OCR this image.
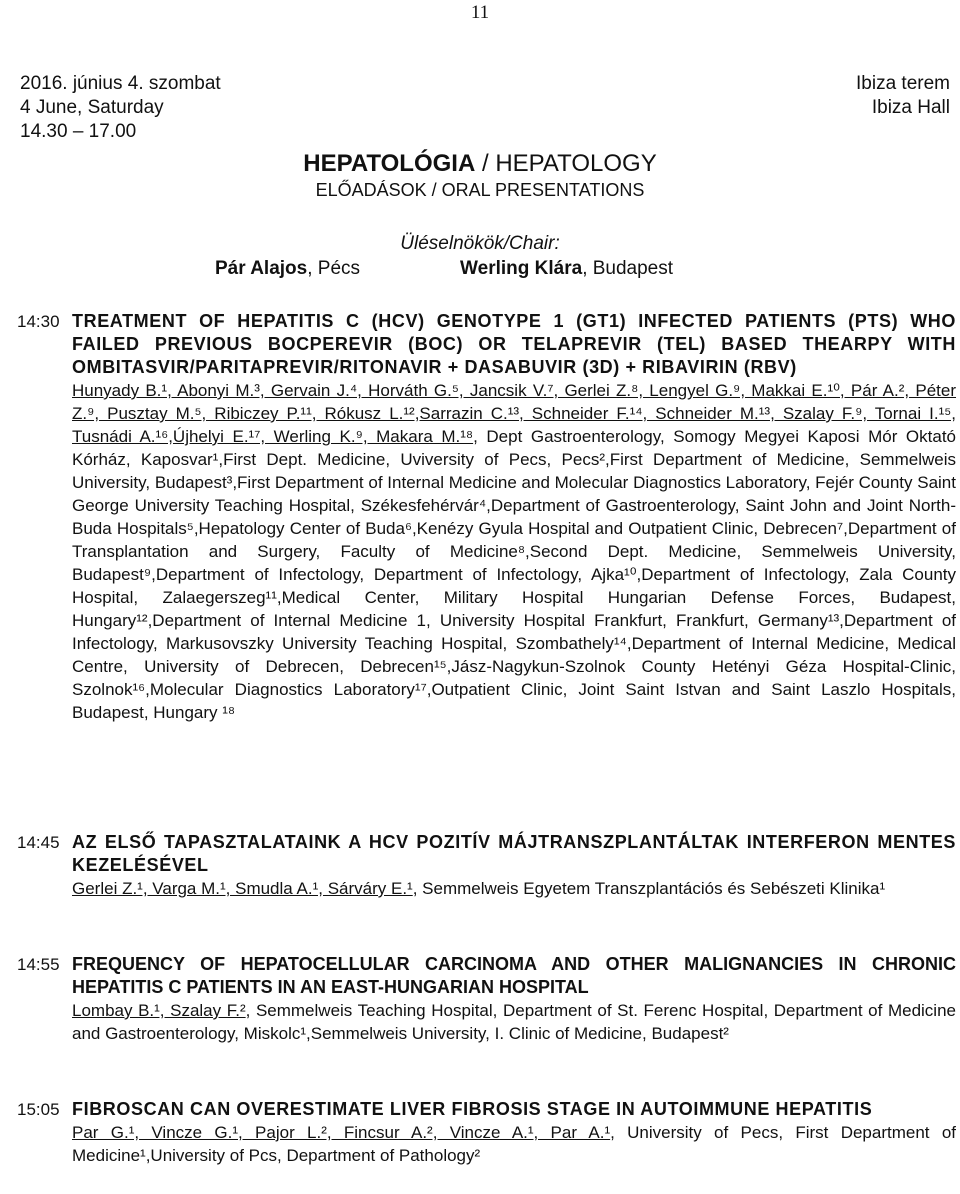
11
2016. június 4. szombat	Ibiza terem
4 June, Saturday	Ibiza Hall
14.30 – 17.00
HEPATOLÓGIA / HEPATOLOGY
ELŐADÁSOK / ORAL PRESENTATIONS
Üléselnökök/Chair:
Pár Alajos, Pécs	Werling Klára, Budapest
14:30 TREATMENT OF HEPATITIS C (HCV) GENOTYPE 1 (GT1) INFECTED PATIENTS (PTS) WHO FAILED PREVIOUS BOCPEREVIR (BOC) OR TELAPREVIR (TEL) BASED THEARPY WITH OMBITASVIR/PARITAPREVIR/RITONAVIR + DASABUVIR (3D) + RIBAVIRIN (RBV)
Hunyady B.¹, Abonyi M.³, Gervain J.⁴, Horváth G.⁵, Jancsik V.⁷, Gerlei Z.⁸, Lengyel G.⁹, Makkai E.¹⁰, Pár A.², Péter Z.⁹, Pusztay M.⁵, Ribiczey P.¹¹, Rókusz L.¹²,Sarrazin C.¹³, Schneider F.¹⁴, Schneider M.¹³, Szalay F.⁹, Tornai I.¹⁵, Tusnádi A.¹⁶,Újhelyi E.¹⁷, Werling K.⁹, Makara M.¹⁸, Dept Gastroenterology, Somogy Megyei Kaposi Mór Oktató Kórház, Kaposvar¹,First Dept. Medicine, Uviversity of Pecs, Pecs²,First Department of Medicine, Semmelweis University, Budapest³,First Department of Internal Medicine and Molecular Diagnostics Laboratory, Fejér County Saint George University Teaching Hospital, Székesfehérvár⁴,Department of Gastroenterology, Saint John and Joint North-Buda Hospitals⁵,Hepatology Center of Buda⁶,Kenézy Gyula Hospital and Outpatient Clinic, Debrecen⁷,Department of Transplantation and Surgery, Faculty of Medicine⁸,Second Dept. Medicine, Semmelweis University, Budapest⁹,Department of Infectology, Department of Infectology, Ajka¹⁰,Department of Infectology, Zala County Hospital, Zalaegerszeg¹¹,Medical Center, Military Hospital Hungarian Defense Forces, Budapest, Hungary¹²,Department of Internal Medicine 1, University Hospital Frankfurt, Frankfurt, Germany¹³,Department of Infectology, Markusovszky University Teaching Hospital, Szombathely¹⁴,Department of Internal Medicine, Medical Centre, University of Debrecen, Debrecen¹⁵,Jász-Nagykun-Szolnok County Hetényi Géza Hospital-Clinic, Szolnok¹⁶,Molecular Diagnostics Laboratory¹⁷,Outpatient Clinic, Joint Saint Istvan and Saint Laszlo Hospitals, Budapest, Hungary ¹⁸
14:45 AZ ELSŐ TAPASZTALATAINK A HCV POZITÍV MÁJTRANSZPLANTÁLTAK INTERFERON MENTES KEZELÉSÉVEL
Gerlei Z.¹, Varga M.¹, Smudla A.¹, Sárváry E.¹, Semmelweis Egyetem Transzplantációs és Sebészeti Klinika¹
14:55 FREQUENCY OF HEPATOCELLULAR CARCINOMA AND OTHER MALIGNANCIES IN CHRONIC HEPATITIS C PATIENTS IN AN EAST-HUNGARIAN HOSPITAL
Lombay B.¹, Szalay F.², Semmelweis Teaching Hospital, Department of St. Ferenc Hospital, Department of Medicine and Gastroenterology, Miskolc¹,Semmelweis University, I. Clinic of Medicine, Budapest²
15:05 FIBROSCAN CAN OVERESTIMATE LIVER FIBROSIS STAGE IN AUTOIMMUNE HEPATITIS
Par G.¹, Vincze G.¹, Pajor L.², Fincsur A.², Vincze A.¹, Par A.¹, University of Pecs, First Department of Medicine¹,University of Pcs, Department of Pathology²
